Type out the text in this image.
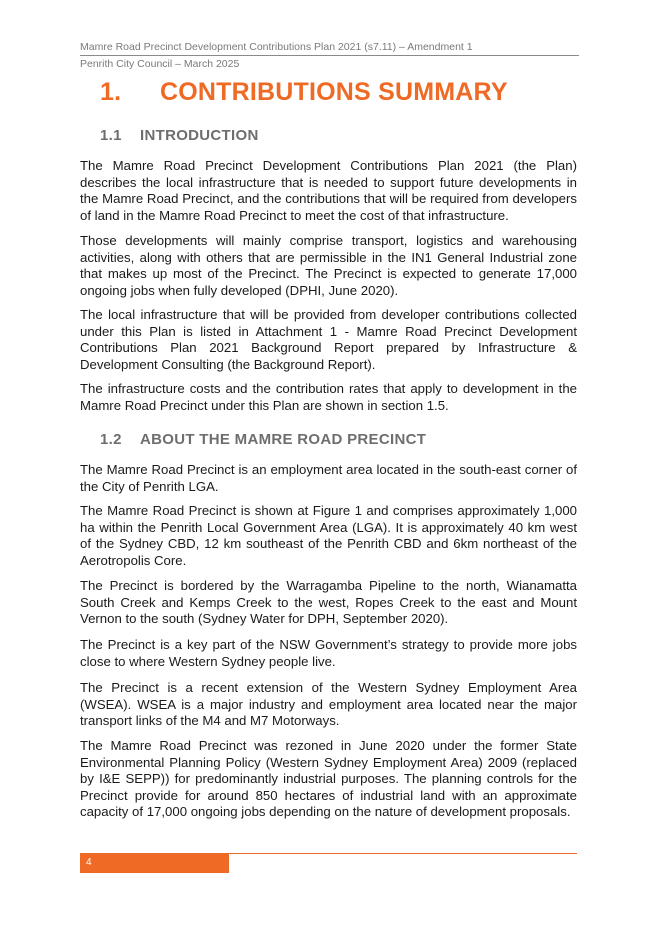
Mamre Road Precinct Development Contributions Plan 2021 (s7.11) – Amendment 1
Penrith City Council – March 2025
1. CONTRIBUTIONS SUMMARY
1.1 INTRODUCTION

The Mamre Road Precinct Development Contributions Plan 2021 (the Plan) describes the local infrastructure that is needed to support future developments in the Mamre Road Precinct, and the contributions that will be required from developers of land in the Mamre Road Precinct to meet the cost of that infrastructure.

Those developments will mainly comprise transport, logistics and warehousing activities, along with others that are permissible in the IN1 General Industrial zone that makes up most of the Precinct. The Precinct is expected to generate 17,000 ongoing jobs when fully developed (DPHI, June 2020).

The local infrastructure that will be provided from developer contributions collected under this Plan is listed in Attachment 1 - Mamre Road Precinct Development Contributions Plan 2021 Background Report prepared by Infrastructure & Development Consulting (the Background Report).

The infrastructure costs and the contribution rates that apply to development in the Mamre Road Precinct under this Plan are shown in section 1.5.

1.2 ABOUT THE MAMRE ROAD PRECINCT

The Mamre Road Precinct is an employment area located in the south-east corner of the City of Penrith LGA.

The Mamre Road Precinct is shown at Figure 1 and comprises approximately 1,000 ha within the Penrith Local Government Area (LGA). It is approximately 40 km west of the Sydney CBD, 12 km southeast of the Penrith CBD and 6km northeast of the Aerotropolis Core.

The Precinct is bordered by the Warragamba Pipeline to the north, Wianamatta South Creek and Kemps Creek to the west, Ropes Creek to the east and Mount Vernon to the south (Sydney Water for DPH, September 2020).

The Precinct is a key part of the NSW Government’s strategy to provide more jobs close to where Western Sydney people live.

The Precinct is a recent extension of the Western Sydney Employment Area (WSEA). WSEA is a major industry and employment area located near the major transport links of the M4 and M7 Motorways.

The Mamre Road Precinct was rezoned in June 2020 under the former State Environmental Planning Policy (Western Sydney Employment Area) 2009 (replaced by I&E SEPP)) for predominantly industrial purposes. The planning controls for the Precinct provide for around 850 hectares of industrial land with an approximate capacity of 17,000 ongoing jobs depending on the nature of development proposals.

4
